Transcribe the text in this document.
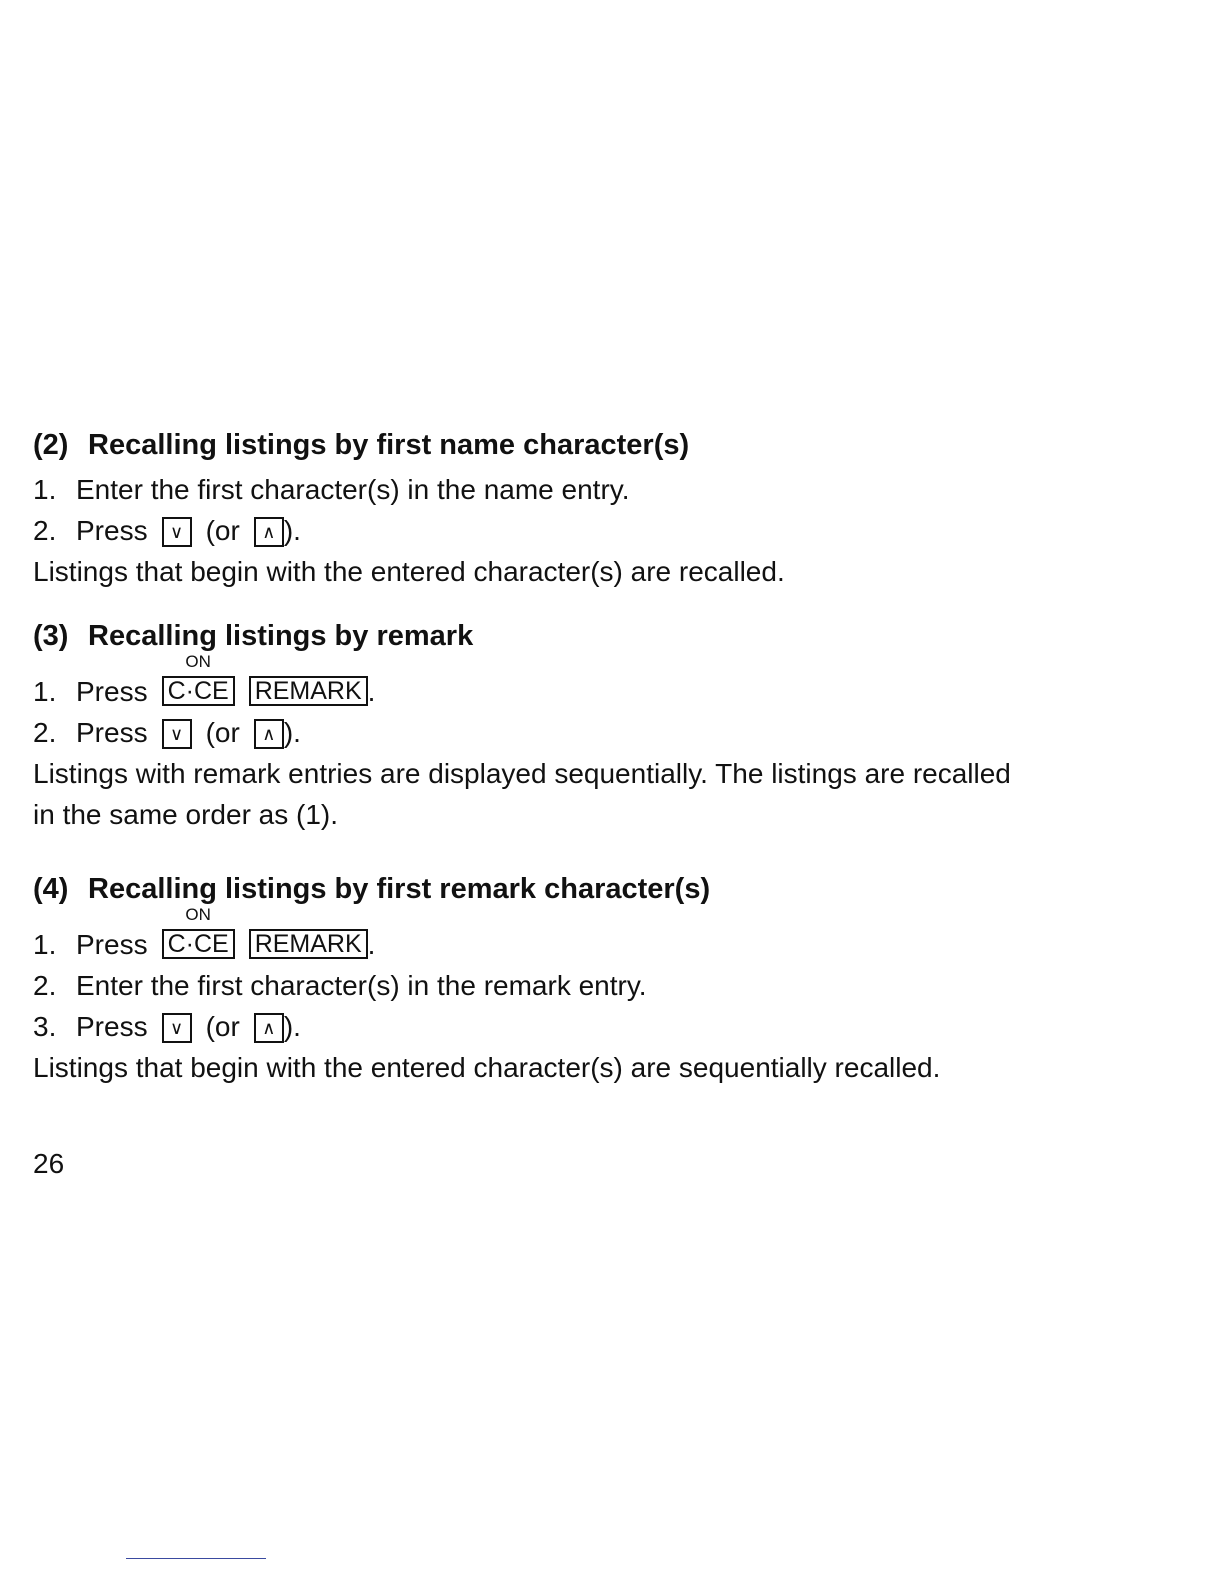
(2) Recalling listings by first name character(s)
1. Enter the first character(s) in the name entry.
2. Press ∨ (or ∧ ).
Listings that begin with the entered character(s) are recalled.
(3) Recalling listings by remark
1. Press
ON
C·CE REMARK .
2. Press ∨ (or ∧ ).
Listings with remark entries are displayed sequentially. The listings are recalled
in the same order as (1).
(4) Recalling listings by first remark character(s)
1. Press
ON
C·CE REMARK .
2. Enter the first character(s) in the remark entry.
3. Press ∨ (or ∧ ).
Listings that begin with the entered character(s) are sequentially recalled.
26
